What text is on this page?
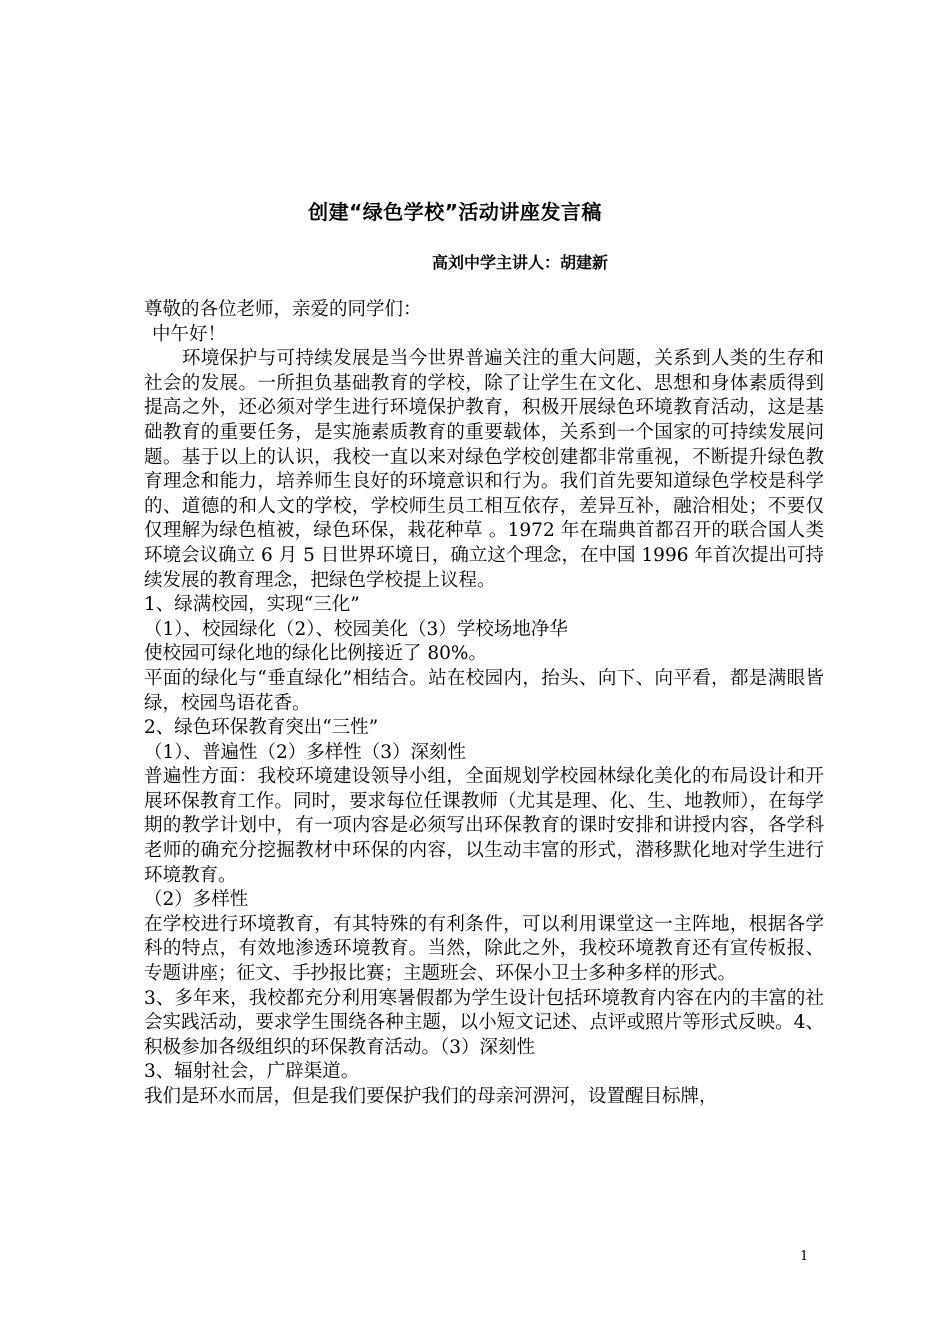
创建“绿色学校”活动讲座发言稿
高刘中学主讲人：胡建新

尊敬的各位老师，亲爱的同学们：

中午好！

环境保护与可持续发展是当今世界普遍关注的重大问题，关系到人类的生存和社会的发展。一所担负基础教育的学校，除了让学生在文化、思想和身体素质得到提高之外，还必须对学生进行环境保护教育，积极开展绿色环境教育活动，这是基础教育的重要任务，是实施素质教育的重要载体，关系到一个国家的可持续发展问题。基于以上的认识，我校一直以来对绿色学校创建都非常重视，不断提升绿色教育理念和能力，培养师生良好的环境意识和行为。我们首先要知道绿色学校是科学的、道德的和人文的学校，学校师生员工相互依存，差异互补，融洽相处；不要仅仅理解为绿色植被，绿色环保，栽花种草 。1972 年在瑞典首都召开的联合国人类环境会议确立 6 月 5 日世界环境日，确立这个理念，在中国 1996 年首次提出可持续发展的教育理念，把绿色学校提上议程。

1、绿满校园，实现“三化”

（1）、校园绿化（2）、校园美化（3）学校场地净华

使校园可绿化地的绿化比例接近了 80%。

平面的绿化与“垂直绿化”相结合。站在校园内，抬头、向下、向平看，都是满眼皆绿，校园鸟语花香。

2、绿色环保教育突出“三性”

（1）、普遍性（2）多样性（3）深刻性

普遍性方面：我校环境建设领导小组，全面规划学校园林绿化美化的布局设计和开展环保教育工作。同时，要求每位任课教师（尤其是理、化、生、地教师），在每学期的教学计划中，有一项内容是必须写出环保教育的课时安排和讲授内容，各学科老师的确充分挖掘教材中环保的内容，以生动丰富的形式，潜移默化地对学生进行环境教育。

（2）多样性

在学校进行环境教育，有其特殊的有利条件，可以利用课堂这一主阵地，根据各学科的特点，有效地渗透环境教育。当然，除此之外，我校环境教育还有宣传板报、专题讲座；征文、手抄报比赛；主题班会、环保小卫士多种多样的形式。

3、多年来，我校都充分利用寒暑假都为学生设计包括环境教育内容在内的丰富的社会实践活动，要求学生围绕各种主题，以小短文记述、点评或照片等形式反映。4、积极参加各级组织的环保教育活动。（3）深刻性

3、辐射社会，广辟渠道。

我们是环水而居，但是我们要保护我们的母亲河淠河，设置醒目标牌，

1
